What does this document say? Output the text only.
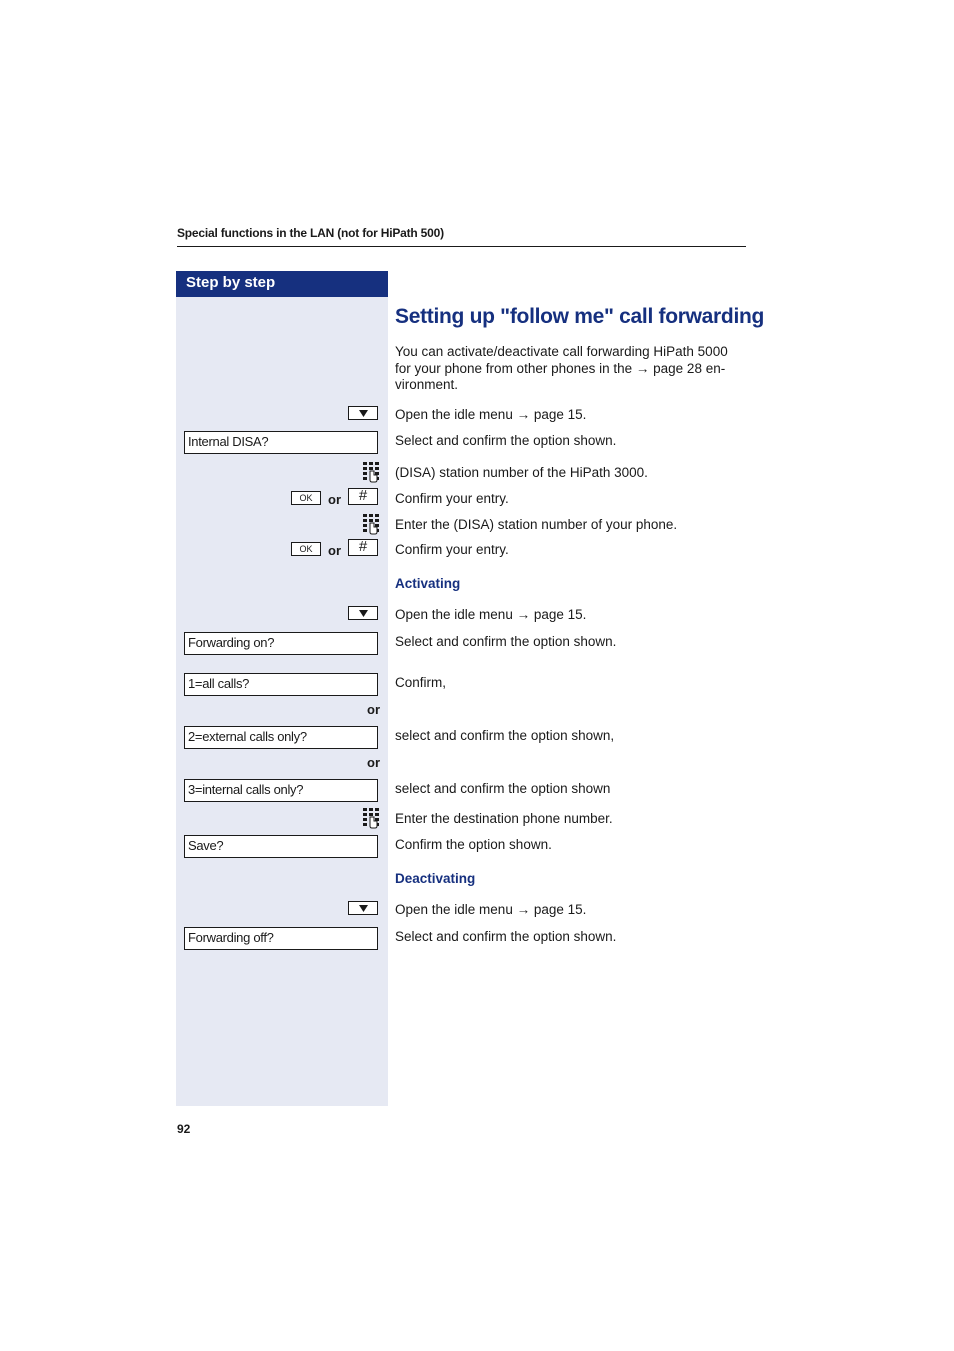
Special functions in the LAN (not for HiPath 500)
Step by step
Setting up "follow me" call forwarding
You can activate/deactivate call forwarding HiPath 5000 for your phone from other phones in the → page 28 en-vironment.
Open the idle menu → page 15.
Internal DISA?	Select and confirm the option shown.
(DISA) station number of the HiPath 3000.
OK	or	#	Confirm your entry.
Enter the (DISA) station number of your phone.
OK	or	#	Confirm your entry.
Activating
Open the idle menu → page 15.
Forwarding on?	Select and confirm the option shown.
1=all calls?	Confirm,
or
2=external calls only?	select and confirm the option shown,
or
3=internal calls only?	select and confirm the option shown
Enter the destination phone number.
Save?	Confirm the option shown.
Deactivating
Open the idle menu → page 15.
Forwarding off?	Select and confirm the option shown.
92
